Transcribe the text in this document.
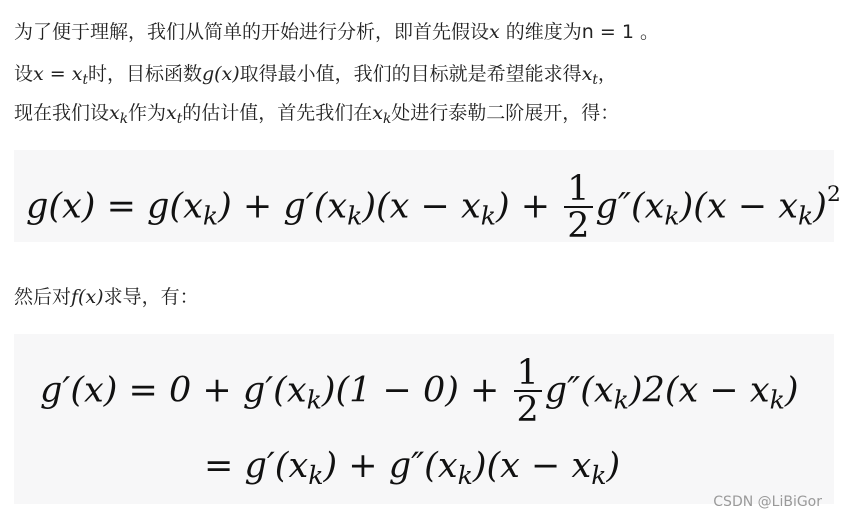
为了便于理解，我们从简单的开始进行分析，即首先假设x 的维度为n = 1 。
设$x = x_t$时，目标函数g(x)取得最小值，我们的目标就是希望能求得$x_t$，
现在我们设$x_k$作为$x_t$的估计值，首先我们在$x_k$处进行泰勒二阶展开，得：
$g(x) = g(x_k) + g'(x_k)(x - x_k) + \frac{1}{2} g''(x_k)(x - x_k)^2$
然后对f(x)求导，有：
$g'(x) = 0 + g'(x_k)(1 - 0) + \frac{1}{2} g''(x_k)2(x - x_k)$
= $g'(x_k) + g''(x_k)(x - x_k)$
CSDN @LiBiGor
